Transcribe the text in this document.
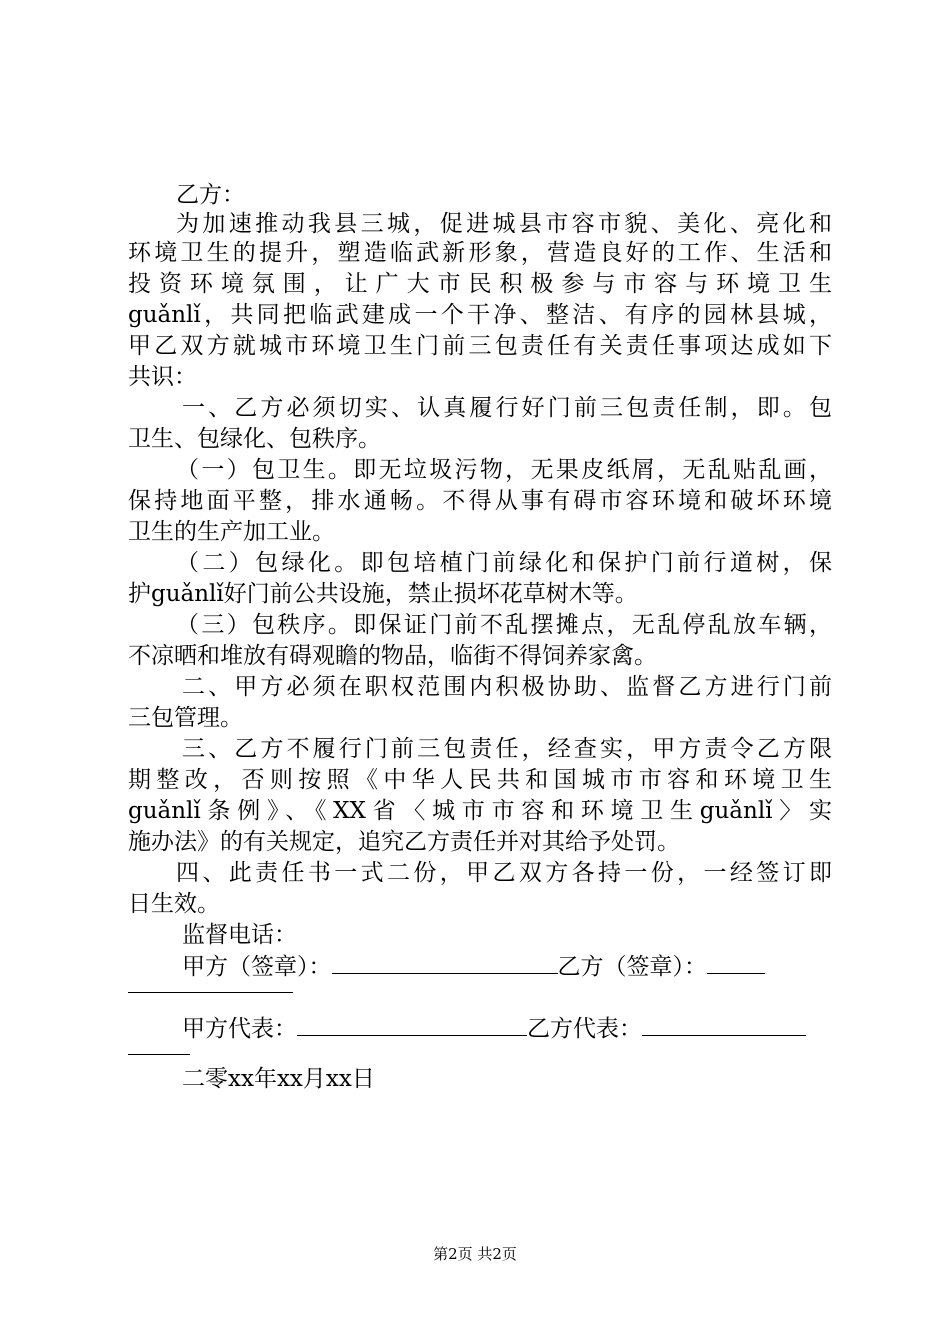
乙方：
为加速推动我县三城，促进城县市容市貌、美化、亮化和
环境卫生的提升，塑造临武新形象，营造良好的工作、生活和
投资环境氛围，让广大市民积极参与市容与环境卫生
guǎnlǐ，共同把临武建成一个干净、整洁、有序的园林县城，
甲乙双方就城市环境卫生门前三包责任有关责任事项达成如下
共识：
一、乙方必须切实、认真履行好门前三包责任制，即。包
卫生、包绿化、包秩序。
（一）包卫生。即无垃圾污物，无果皮纸屑，无乱贴乱画，
保持地面平整，排水通畅。不得从事有碍市容环境和破坏环境
卫生的生产加工业。
（二）包绿化。即包培植门前绿化和保护门前行道树，保
护guǎnlǐ好门前公共设施，禁止损坏花草树木等。
（三）包秩序。即保证门前不乱摆摊点，无乱停乱放车辆，
不凉晒和堆放有碍观瞻的物品，临街不得饲养家禽。
二、甲方必须在职权范围内积极协助、监督乙方进行门前
三包管理。
三、乙方不履行门前三包责任，经查实，甲方责令乙方限
期整改，否则按照《中华人民共和国城市市容和环境卫生
guǎnlǐ条例》、《XX省〈城市市容和环境卫生guǎnlǐ〉实
施办法》的有关规定，追究乙方责任并对其给予处罚。
四、此责任书一式二份，甲乙双方各持一份，一经签订即
日生效。
监督电话：
甲方（签章）：	乙方（签章）：
甲方代表：	乙方代表：
二零xx年xx月xx日
第2页 共2页
